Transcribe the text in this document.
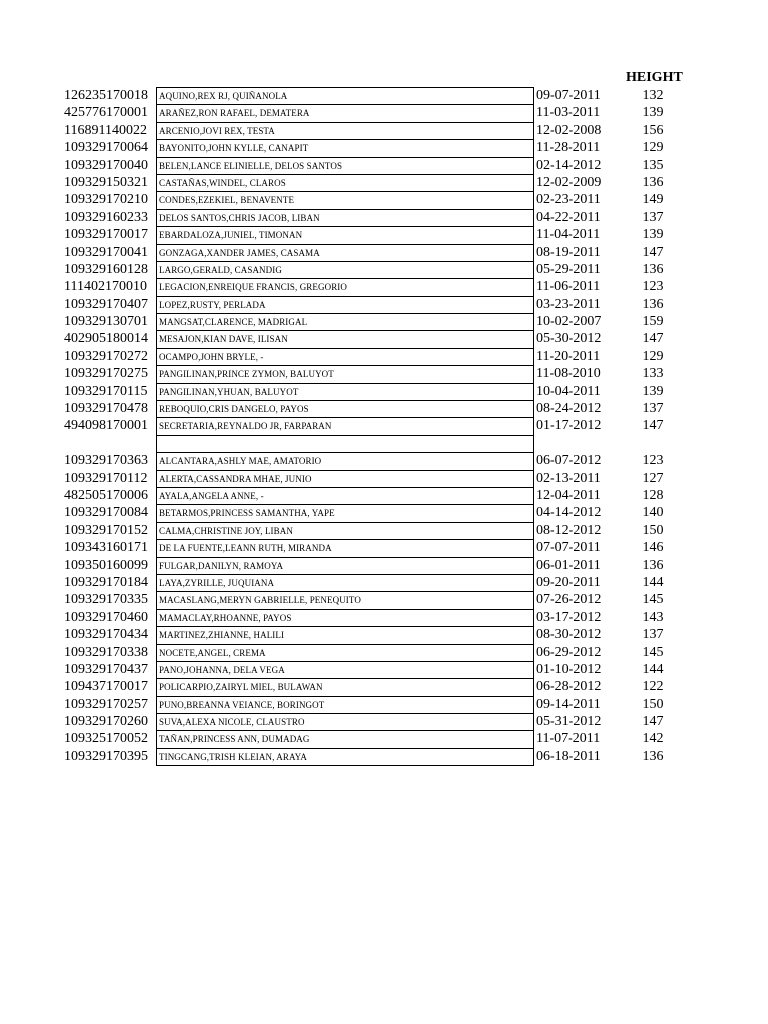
HEIGHT
126235170018	AQUINO,REX RJ, QUIÑANOLA	09-07-2011	132
425776170001	ARAÑEZ,RON RAFAEL, DEMATERA	11-03-2011	139
116891140022	ARCENIO,JOVI REX, TESTA	12-02-2008	156
109329170064	BAYONITO,JOHN KYLLE, CANAPIT	11-28-2011	129
109329170040	BELEN,LANCE ELINIELLE, DELOS SANTOS	02-14-2012	135
109329150321	CASTAÑAS,WINDEL, CLAROS	12-02-2009	136
109329170210	CONDES,EZEKIEL, BENAVENTE	02-23-2011	149
109329160233	DELOS SANTOS,CHRIS JACOB, LIBAN	04-22-2011	137
109329170017	EBARDALOZA,JUNIEL, TIMONAN	11-04-2011	139
109329170041	GONZAGA,XANDER JAMES, CASAMA	08-19-2011	147
109329160128	LARGO,GERALD, CASANDIG	05-29-2011	136
111402170010	LEGACION,ENREIQUE FRANCIS, GREGORIO	11-06-2011	123
109329170407	LOPEZ,RUSTY, PERLADA	03-23-2011	136
109329130701	MANGSAT,CLARENCE, MADRIGAL	10-02-2007	159
402905180014	MESAJON,KIAN DAVE, ILISAN	05-30-2012	147
109329170272	OCAMPO,JOHN BRYLE, -	11-20-2011	129
109329170275	PANGILINAN,PRINCE ZYMON, BALUYOT	11-08-2010	133
109329170115	PANGILINAN,YHUAN, BALUYOT	10-04-2011	139
109329170478	REBOQUIO,CRIS DANGELO, PAYOS	08-24-2012	137
494098170001	SECRETARIA,REYNALDO JR, FARPARAN	01-17-2012	147
109329170363	ALCANTARA,ASHLY MAE, AMATORIO	06-07-2012	123
109329170112	ALERTA,CASSANDRA MHAE, JUNIO	02-13-2011	127
482505170006	AYALA,ANGELA ANNE, -	12-04-2011	128
109329170084	BETARMOS,PRINCESS SAMANTHA, YAPE	04-14-2012	140
109329170152	CALMA,CHRISTINE JOY, LIBAN	08-12-2012	150
109343160171	DE LA FUENTE,LEANN RUTH, MIRANDA	07-07-2011	146
109350160099	FULGAR,DANILYN, RAMOYA	06-01-2011	136
109329170184	LAYA,ZYRILLE, JUQUIANA	09-20-2011	144
109329170335	MACASLANG,MERYN GABRIELLE, PENEQUITO	07-26-2012	145
109329170460	MAMACLAY,RHOANNE, PAYOS	03-17-2012	143
109329170434	MARTINEZ,ZHIANNE, HALILI	08-30-2012	137
109329170338	NOCETE,ANGEL, CREMA	06-29-2012	145
109329170437	PANO,JOHANNA, DELA VEGA	01-10-2012	144
109437170017	POLICARPIO,ZAIRYL MIEL, BULAWAN	06-28-2012	122
109329170257	PUNO,BREANNA VEIANCE, BORINGOT	09-14-2011	150
109329170260	SUVA,ALEXA NICOLE, CLAUSTRO	05-31-2012	147
109325170052	TAÑAN,PRINCESS ANN, DUMADAG	11-07-2011	142
109329170395	TINGCANG,TRISH KLEIAN, ARAYA	06-18-2011	136
